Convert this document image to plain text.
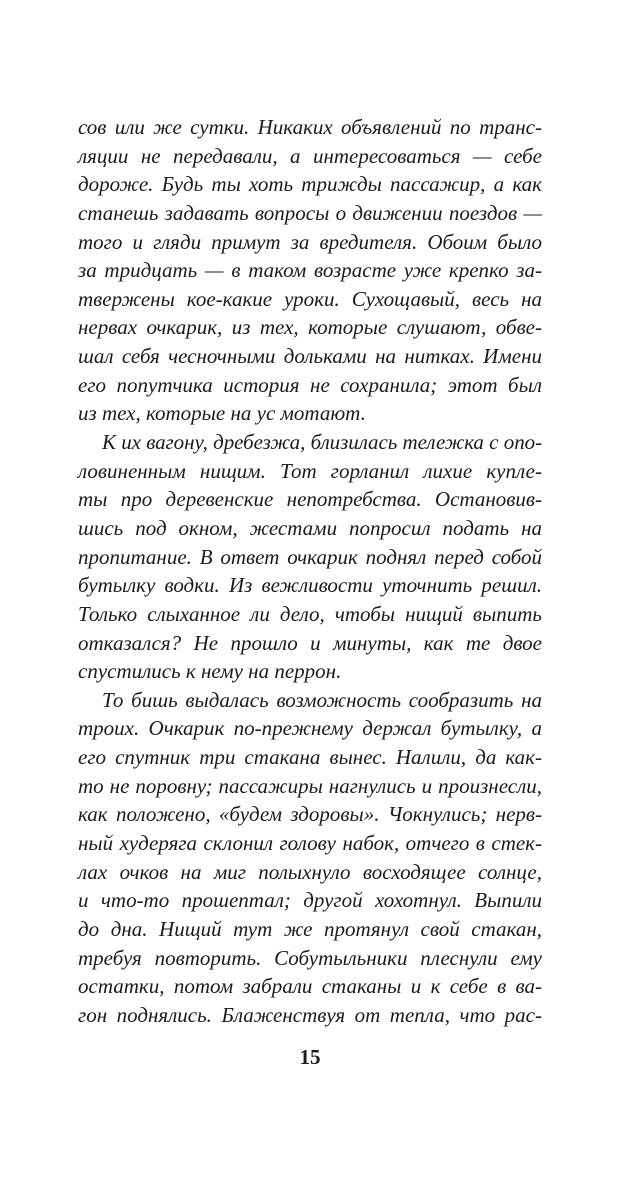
сов или же сутки. Никаких объявлений по транс-
ляции не передавали, а интересоваться — себе
дороже. Будь ты хоть трижды пассажир, а как
станешь задавать вопросы о движении поездов —
того и гляди примут за вредителя. Обоим было
за тридцать — в таком возрасте уже крепко за-
твержены кое-какие уроки. Сухощавый, весь на
нервах очкарик, из тех, которые слушают, обве-
шал себя чесночными дольками на нитках. Имени
его попутчика история не сохранила; этот был
из тех, которые на ус мотают.
К их вагону, дребезжа, близилась тележка с опо-
ловиненным нищим. Тот горланил лихие купле-
ты про деревенские непотребства. Остановив-
шись под окном, жестами попросил подать на
пропитание. В ответ очкарик поднял перед собой
бутылку водки. Из вежливости уточнить решил.
Только слыханное ли дело, чтобы нищий выпить
отказался? Не прошло и минуты, как те двое
спустились к нему на перрон.
То бишь выдалась возможность сообразить на
троих. Очкарик по-прежнему держал бутылку, а
его спутник три стакана вынес. Налили, да как-
то не поровну; пассажиры нагнулись и произнесли,
как положено, «будем здоровы». Чокнулись; нерв-
ный худеряга склонил голову набок, отчего в стек-
лах очков на миг полыхнуло восходящее солнце,
и что-то прошептал; другой хохотнул. Выпили
до дна. Нищий тут же протянул свой стакан,
требуя повторить. Собутыльники плеснули ему
остатки, потом забрали стаканы и к себе в ва-
гон поднялись. Блаженствуя от тепла, что рас-
15
